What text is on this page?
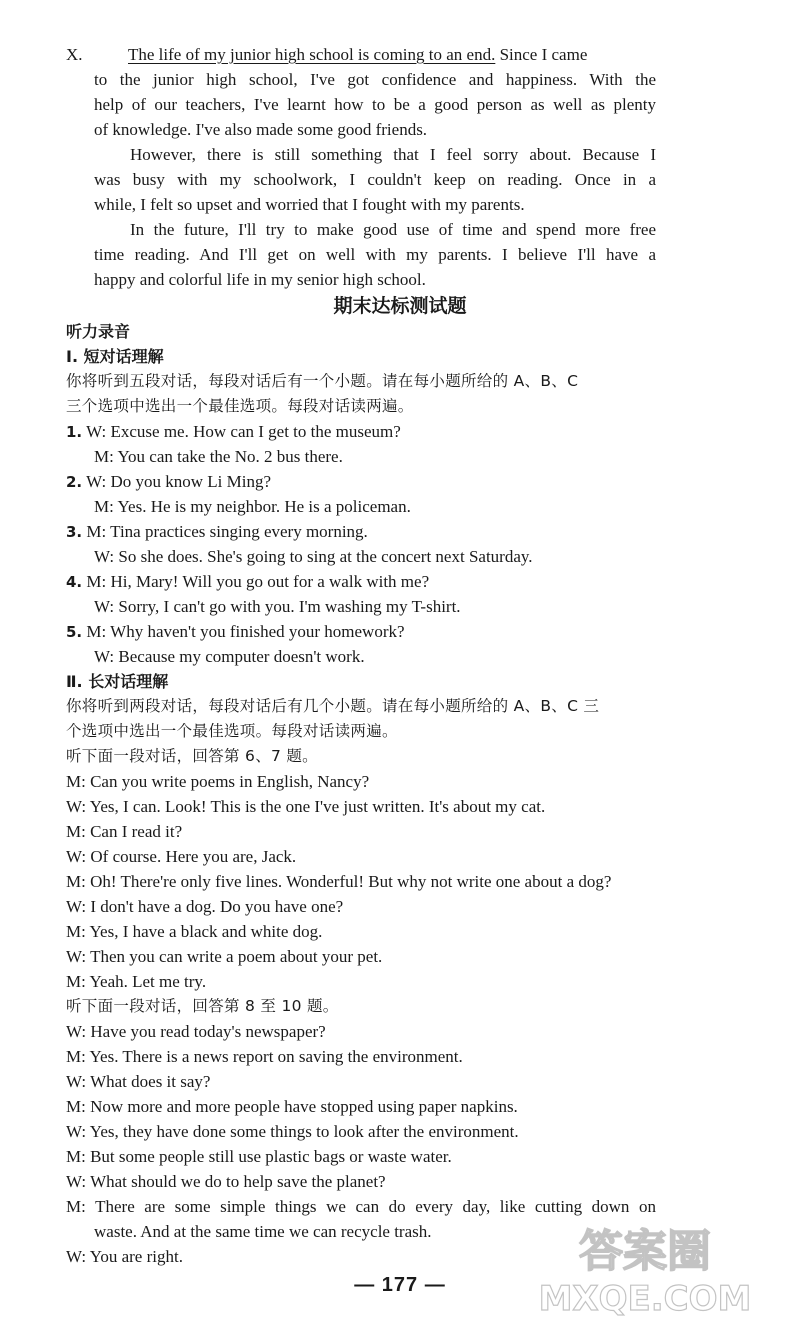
X.	The life of my junior high school is coming to an end. Since I came
to the junior high school, I've got confidence and happiness. With the
help of our teachers, I've learnt how to be a good person as well as plenty
of knowledge. I've also made some good friends.
However, there is still something that I feel sorry about. Because I
was busy with my schoolwork, I couldn't keep on reading. Once in a
while, I felt so upset and worried that I fought with my parents.
In the future, I'll try to make good use of time and spend more free
time reading. And I'll get on well with my parents. I believe I'll have a
happy and colorful life in my senior high school.
期末达标测试题
听力录音
Ⅰ. 短对话理解
你将听到五段对话，每段对话后有一个小题。请在每小题所给的 A、B、C
三个选项中选出一个最佳选项。每段对话读两遍。
1. W: Excuse me. How can I get to the museum?
M: You can take the No. 2 bus there.
2. W: Do you know Li Ming?
M: Yes. He is my neighbor. He is a policeman.
3. M: Tina practices singing every morning.
W: So she does. She's going to sing at the concert next Saturday.
4. M: Hi, Mary! Will you go out for a walk with me?
W: Sorry, I can't go with you. I'm washing my T-shirt.
5. M: Why haven't you finished your homework?
W: Because my computer doesn't work.
Ⅱ. 长对话理解
你将听到两段对话，每段对话后有几个小题。请在每小题所给的 A、B、C 三
个选项中选出一个最佳选项。每段对话读两遍。
听下面一段对话，回答第 6、7 题。
M: Can you write poems in English, Nancy?
W: Yes, I can. Look! This is the one I've just written. It's about my cat.
M: Can I read it?
W: Of course. Here you are, Jack.
M: Oh! There're only five lines. Wonderful! But why not write one about a dog?
W: I don't have a dog. Do you have one?
M: Yes, I have a black and white dog.
W: Then you can write a poem about your pet.
M: Yeah. Let me try.
听下面一段对话，回答第 8 至 10 题。
W: Have you read today's newspaper?
M: Yes. There is a news report on saving the environment.
W: What does it say?
M: Now more and more people have stopped using paper napkins.
W: Yes, they have done some things to look after the environment.
M: But some people still use plastic bags or waste water.
W: What should we do to help save the planet?
M: There are some simple things we can do every day, like cutting down on
waste. And at the same time we can recycle trash.
W: You are right.
— 177 —
答案圈
MXQE.COM
